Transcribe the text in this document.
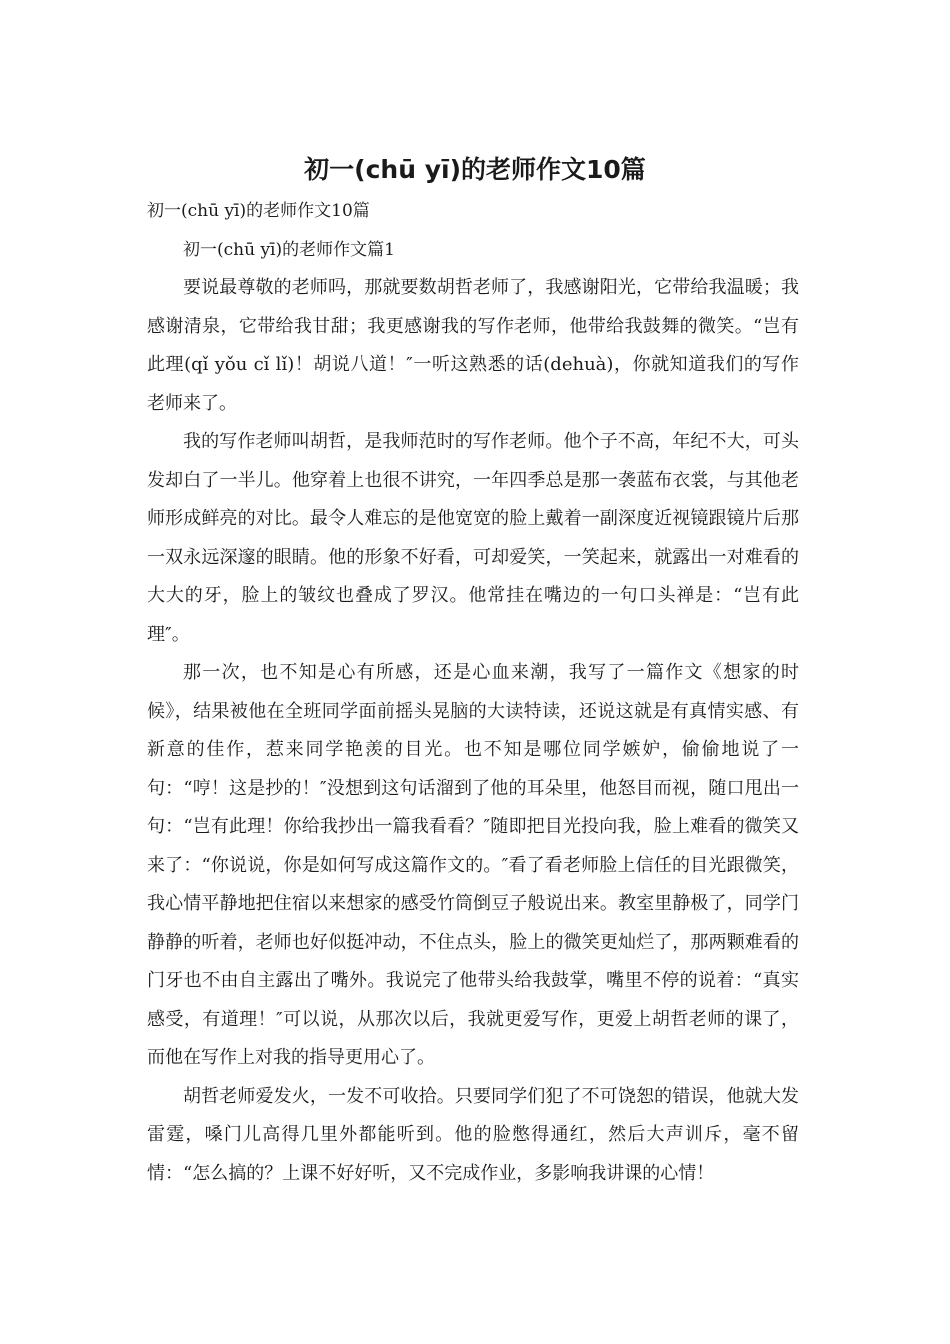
初一(chū yī)的老师作文10篇

初一(chū yī)的老师作文10篇

初一(chū yī)的老师作文篇1

要说最尊敬的老师吗，那就要数胡哲老师了，我感谢阳光，它带给我温暖；我感谢清泉，它带给我甘甜；我更感谢我的写作老师，他带给我鼓舞的微笑。“岂有此理(qǐ yǒu cǐ lǐ)！胡说八道！″一听这熟悉的话(dehuà)，你就知道我们的写作老师来了。

我的写作老师叫胡哲，是我师范时的写作老师。他个子不高，年纪不大，可头发却白了一半儿。他穿着上也很不讲究，一年四季总是那一袭蓝布衣裳，与其他老师形成鲜亮的对比。最令人难忘的是他宽宽的脸上戴着一副深度近视镜跟镜片后那一双永远深邃的眼睛。他的形象不好看，可却爱笑，一笑起来，就露出一对难看的大大的牙，脸上的皱纹也叠成了罗汉。他常挂在嘴边的一句口头禅是：“岂有此理″。

那一次，也不知是心有所感，还是心血来潮，我写了一篇作文《想家的时候》，结果被他在全班同学面前摇头晃脑的大读特读，还说这就是有真情实感、有新意的佳作，惹来同学艳羡的目光。也不知是哪位同学嫉妒，偷偷地说了一句：“哼！这是抄的！″没想到这句话溜到了他的耳朵里，他怒目而视，随口甩出一句：“岂有此理！你给我抄出一篇我看看？″随即把目光投向我，脸上难看的微笑又来了：“你说说，你是如何写成这篇作文的。″看了看老师脸上信任的目光跟微笑，我心情平静地把住宿以来想家的感受竹筒倒豆子般说出来。教室里静极了，同学门静静的听着，老师也好似挺冲动，不住点头，脸上的微笑更灿烂了，那两颗难看的门牙也不由自主露出了嘴外。我说完了他带头给我鼓掌，嘴里不停的说着：“真实感受，有道理！″可以说，从那次以后，我就更爱写作，更爱上胡哲老师的课了，而他在写作上对我的指导更用心了。

胡哲老师爱发火，一发不可收拾。只要同学们犯了不可饶恕的错误，他就大发雷霆，嗓门儿高得几里外都能听到。他的脸憋得通红，然后大声训斥，毫不留情：“怎么搞的？上课不好好听，又不完成作业，多影响我讲课的心情！
